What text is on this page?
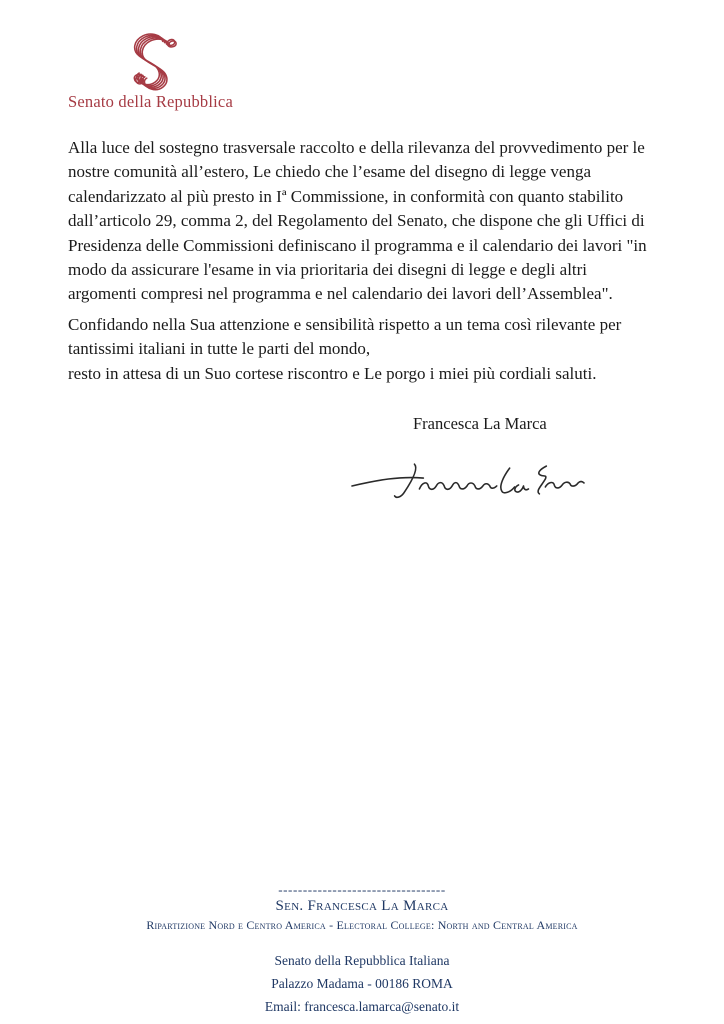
Senato della Repubblica
Alla luce del sostegno trasversale raccolto e della rilevanza del provvedimento per le
nostre comunità all’estero, Le chiedo che l’esame del disegno di legge venga
calendarizzato al più presto in Iª Commissione, in conformità con quanto stabilito
dall’articolo 29, comma 2, del Regolamento del Senato, che dispone che gli Uffici di
Presidenza delle Commissioni definiscano il programma e il calendario dei lavori "in
modo da assicurare l'esame in via prioritaria dei disegni di legge e degli altri
argomenti compresi nel programma e nel calendario dei lavori dell’Assemblea".
Confidando nella Sua attenzione e sensibilità rispetto a un tema così rilevante per
tantissimi italiani in tutte le parti del mondo,
resto in attesa di un Suo cortese riscontro e Le porgo i miei più cordiali saluti.
Francesca La Marca
----------------------------------
Sen. Francesca La Marca
Ripartizione Nord e Centro America - Electoral College: North and Central America
Senato della Repubblica Italiana
Palazzo Madama - 00186 ROMA
Email: francesca.lamarca@senato.it
